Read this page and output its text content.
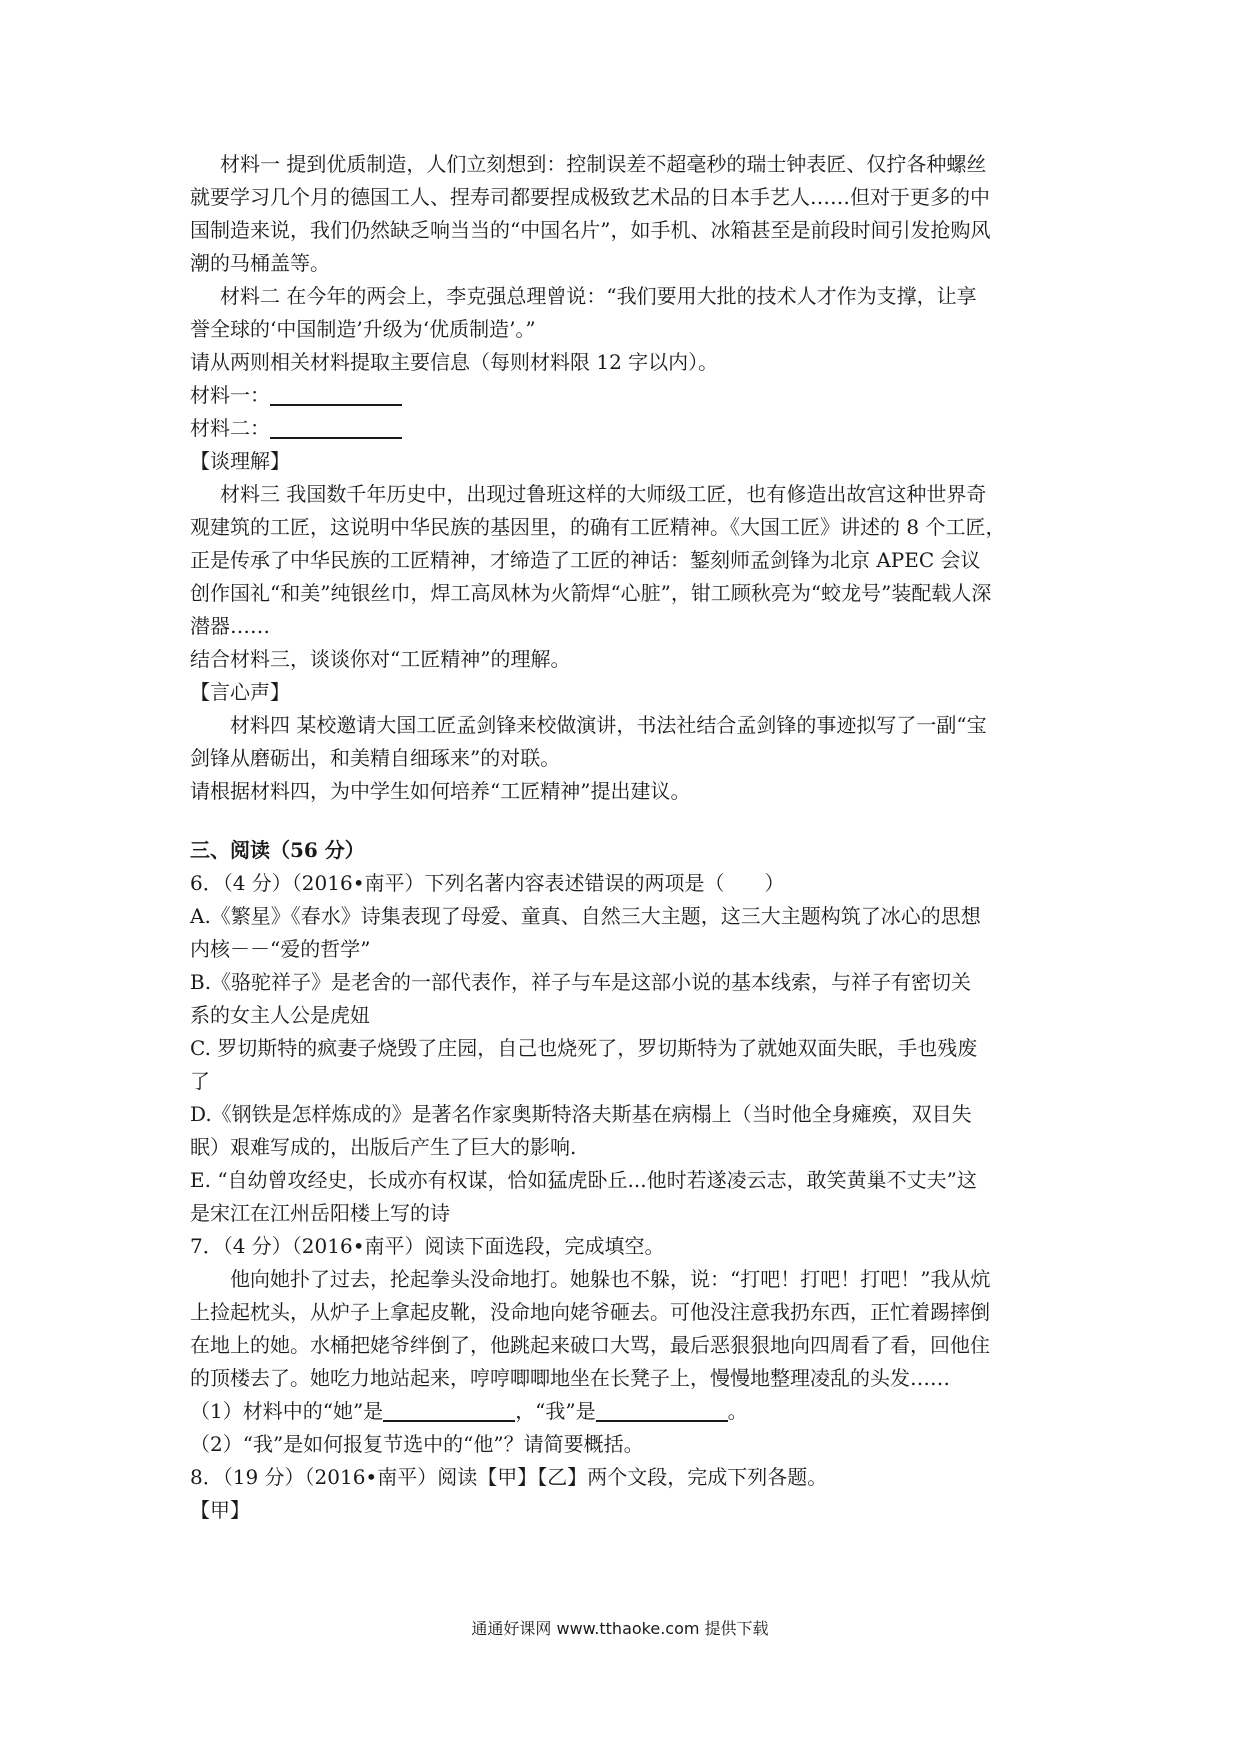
材料一 提到优质制造，人们立刻想到：控制误差不超毫秒的瑞士钟表匠、仅拧各种螺丝

就要学习几个月的德国工人、捏寿司都要捏成极致艺术品的日本手艺人……但对于更多的中

国制造来说，我们仍然缺乏响当当的“中国名片”，如手机、冰箱甚至是前段时间引发抢购风

潮的马桶盖等。

材料二 在今年的两会上，李克强总理曾说：“我们要用大批的技术人才作为支撑，让享

誉全球的‘中国制造’升级为‘优质制造’。”

请从两则相关材料提取主要信息（每则材料限 12 字以内）。

材料一：

材料二：

【谈理解】

材料三 我国数千年历史中，出现过鲁班这样的大师级工匠，也有修造出故宫这种世界奇

观建筑的工匠，这说明中华民族的基因里，的确有工匠精神。《大国工匠》讲述的 8 个工匠，

正是传承了中华民族的工匠精神，才缔造了工匠的神话：錾刻师孟剑锋为北京 APEC 会议

创作国礼“和美”纯银丝巾，焊工高凤林为火箭焊“心脏”，钳工顾秋亮为“蛟龙号”装配载人深

潜器……

结合材料三，谈谈你对“工匠精神”的理解。

【言心声】

材料四 某校邀请大国工匠孟剑锋来校做演讲，书法社结合孟剑锋的事迹拟写了一副“宝

剑锋从磨砺出，和美精自细琢来”的对联。

请根据材料四，为中学生如何培养“工匠精神”提出建议。

三、阅读（56 分）

6．（4 分）（2016•南平）下列名著内容表述错误的两项是（　　）

A.《繁星》《春水》诗集表现了母爱、童真、自然三大主题，这三大主题构筑了冰心的思想

内核－－“爱的哲学”

B.《骆驼祥子》是老舍的一部代表作，祥子与车是这部小说的基本线索，与祥子有密切关

系的女主人公是虎妞

C. 罗切斯特的疯妻子烧毁了庄园，自己也烧死了，罗切斯特为了就她双面失眠，手也残废

了

D.《钢铁是怎样炼成的》是著名作家奥斯特洛夫斯基在病榻上（当时他全身瘫痪，双目失

眠）艰难写成的，出版后产生了巨大的影响.

E. “自幼曾攻经史，长成亦有权谋，恰如猛虎卧丘...他时若遂凌云志，敢笑黄巢不丈夫”这

是宋江在江州岳阳楼上写的诗

7．（4 分）（2016•南平）阅读下面选段，完成填空。

他向她扑了过去，抡起拳头没命地打。她躲也不躲，说：“打吧！打吧！打吧！”我从炕

上捡起枕头，从炉子上拿起皮靴，没命地向姥爷砸去。可他没注意我扔东西，正忙着踢摔倒

在地上的她。水桶把姥爷绊倒了，他跳起来破口大骂，最后恶狠狠地向四周看了看，回他住

的顶楼去了。她吃力地站起来，哼哼唧唧地坐在长凳子上，慢慢地整理凌乱的头发……

（1）材料中的“她”是	，“我”是	。

（2）“我”是如何报复节选中的“他”？请简要概括。

8．（19 分）（2016•南平）阅读【甲】【乙】两个文段，完成下列各题。

【甲】

通通好课网 www.tthaoke.com 提供下载
